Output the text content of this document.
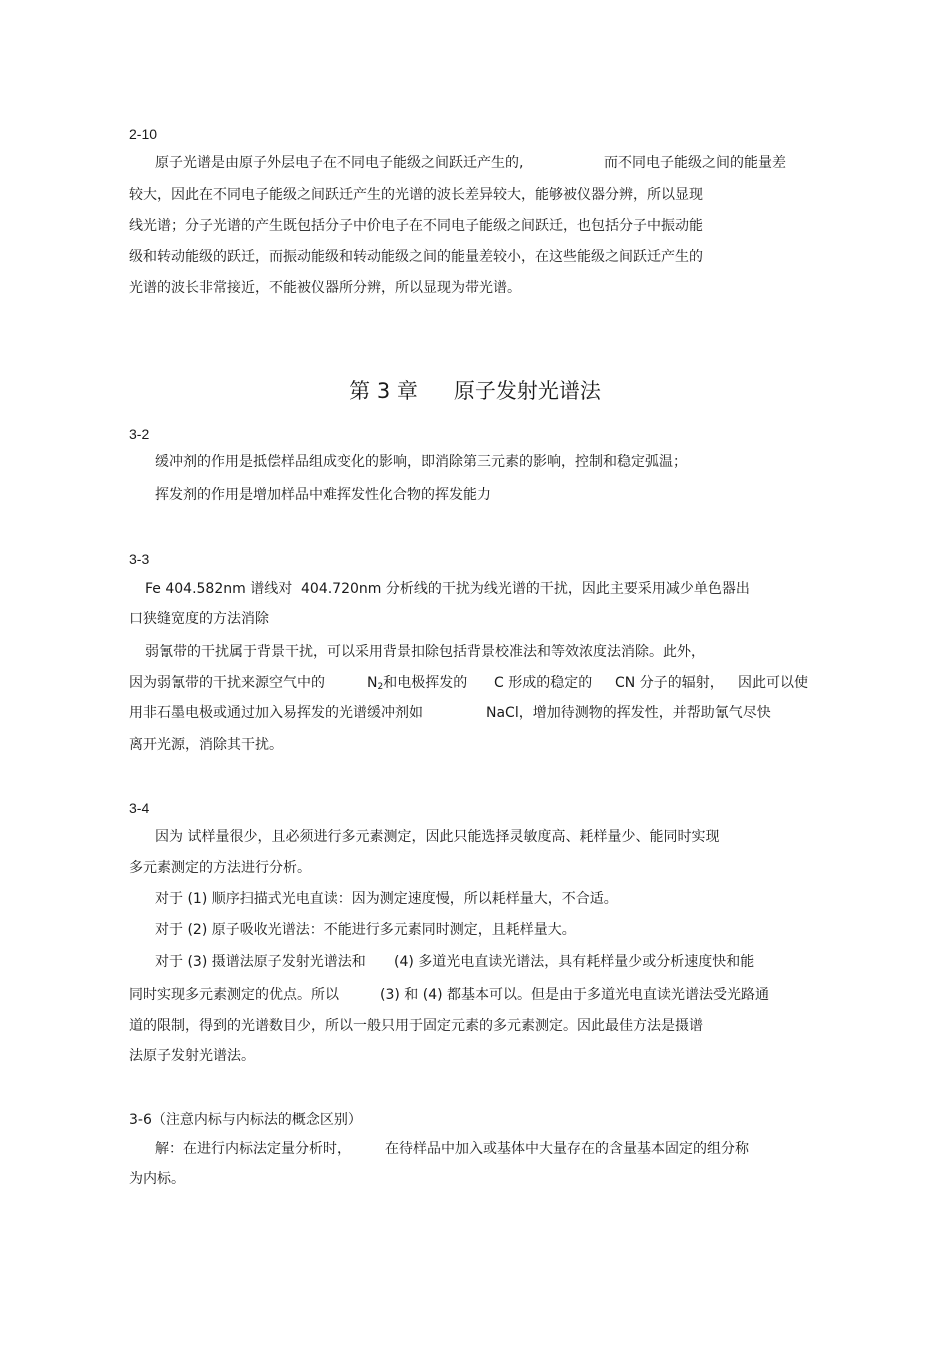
2-10
原子光谱是由原子外层电子在不同电子能级之间跃迁产生的,	而不同电子能级之间的能量差
较大，因此在不同电子能级之间跃迁产生的光谱的波长差异较大，能够被仪器分辨，所以显现
线光谱；分子光谱的产生既包括分子中价电子在不同电子能级之间跃迁，也包括分子中振动能
级和转动能级的跃迁，而振动能级和转动能级之间的能量差较小，在这些能级之间跃迁产生的
光谱的波长非常接近，不能被仪器所分辨，所以显现为带光谱。
第 3 章 原子发射光谱法
3-2
缓冲剂的作用是抵偿样品组成变化的影响，即消除第三元素的影响，控制和稳定弧温；
挥发剂的作用是增加样品中难挥发性化合物的挥发能力
3-3
Fe 404.582nm 谱线对 404.720nm 分析线的干扰为线光谱的干扰，因此主要采用减少单色器出
口狭缝宽度的方法消除
弱氰带的干扰属于背景干扰，可以采用背景扣除包括背景校准法和等效浓度法消除。此外，
因为弱氰带的干扰来源空气中的	$N_2$和电极挥发的 C 形成的稳定的 CN 分子的辐射， 因此可以使
用非石墨电极或通过加入易挥发的光谱缓冲剂如	NaCl，增加待测物的挥发性，并帮助氰气尽快
离开光源，消除其干扰。
3-4
因为 试样量很少，且必须进行多元素测定，因此只能选择灵敏度高、耗样量少、能同时实现
多元素测定的方法进行分析。
对于 (1) 顺序扫描式光电直读：因为测定速度慢，所以耗样量大，不合适。
对于 (2) 原子吸收光谱法：不能进行多元素同时测定，且耗样量大。
对于 (3) 摄谱法原子发射光谱法和 (4) 多道光电直读光谱法，具有耗样量少或分析速度快和能
同时实现多元素测定的优点。所以	(3) 和 (4) 都基本可以。但是由于多道光电直读光谱法受光路通
道的限制，得到的光谱数目少，所以一般只用于固定元素的多元素测定。因此最佳方法是摄谱
法原子发射光谱法。
3-6（注意内标与内标法的概念区别）
解：在进行内标法定量分析时， 在待样品中加入或基体中大量存在的含量基本固定的组分称
为内标。
